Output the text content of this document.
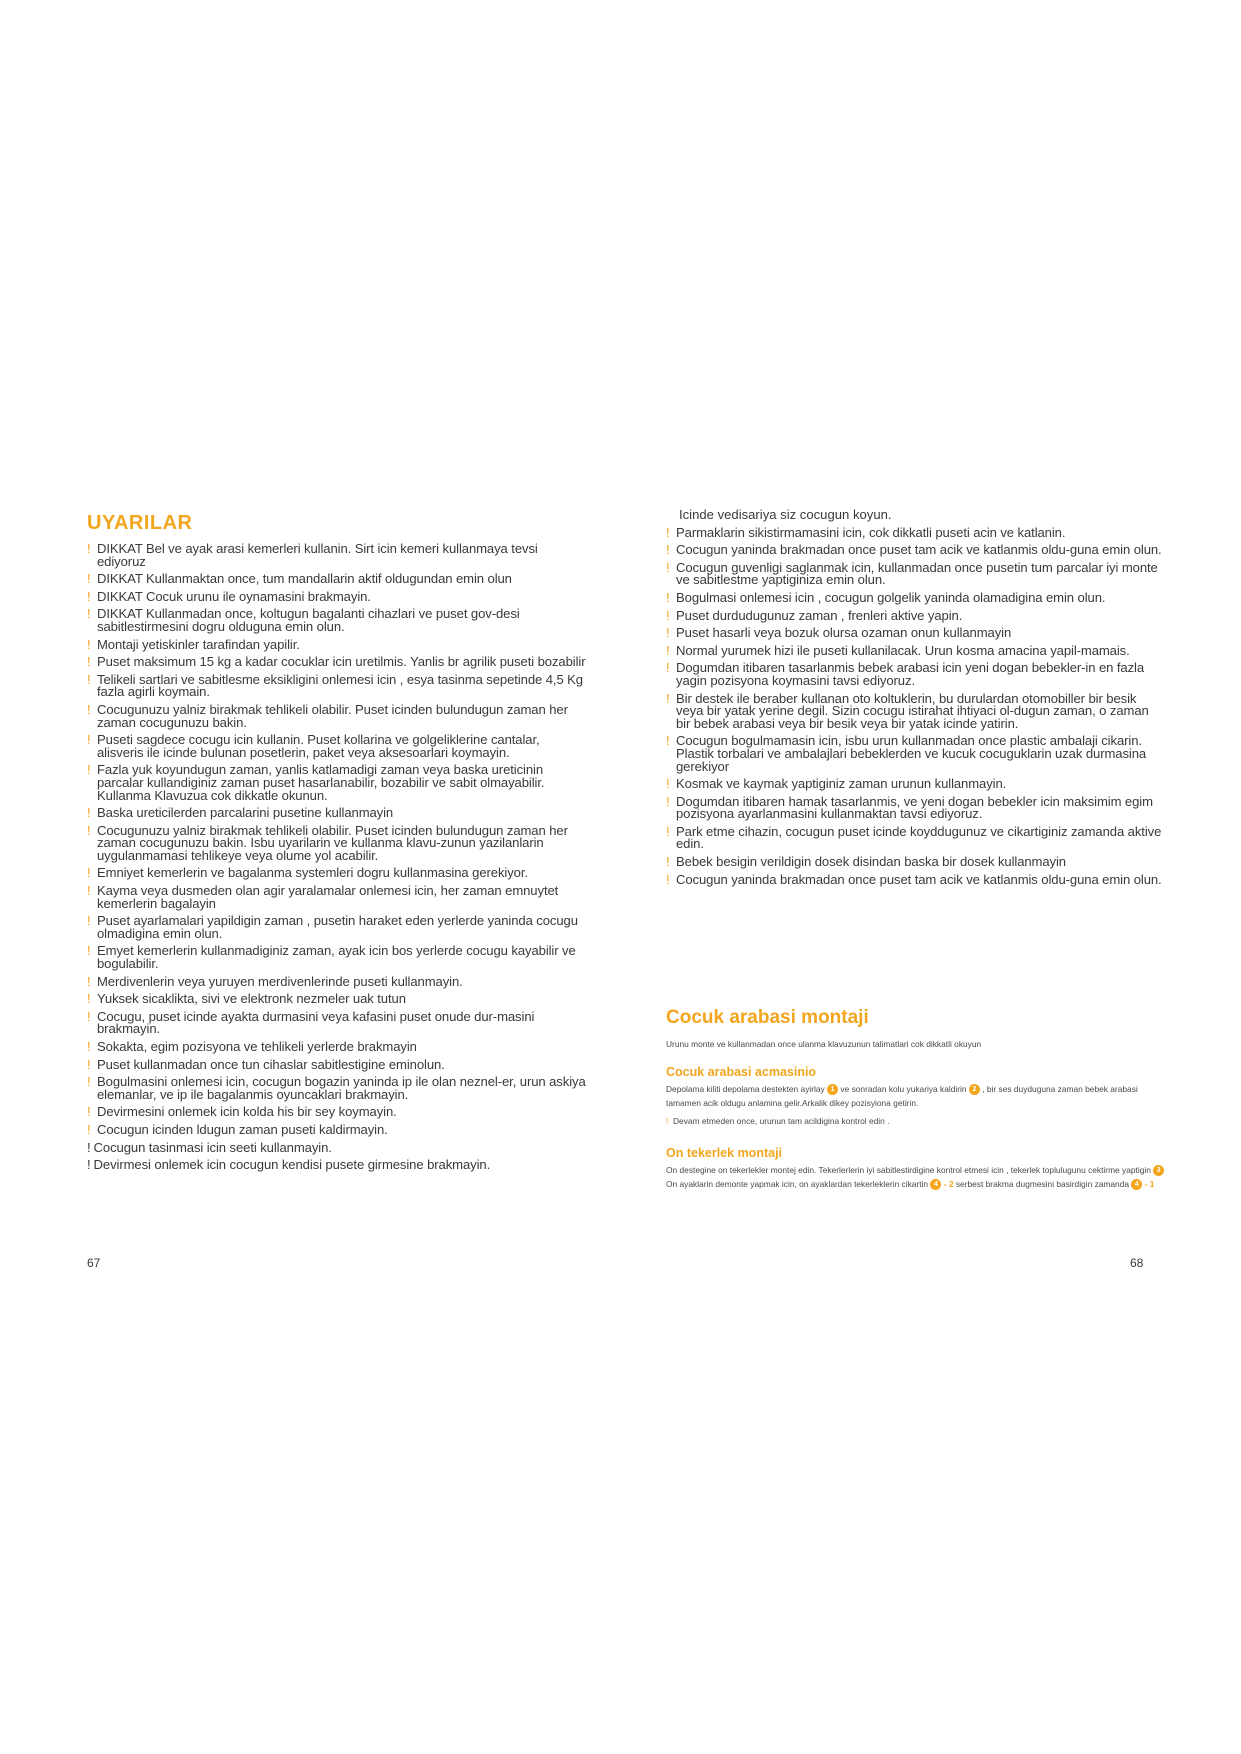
UYARILAR
! DIKKAT Bel ve ayak arasi kemerleri kullanin. Sirt icin kemeri kullanmaya tevsi ediyoruz
! DIKKAT Kullanmaktan once, tum mandallarin aktif oldugundan emin olun
! DIKKAT Cocuk urunu ile oynamasini brakmayin.
! DIKKAT Kullanmadan once, koltugun bagalanti cihazlari ve puset gov-desi sabitlestirmesini dogru olduguna emin olun.
! Montaji yetiskinler tarafindan yapilir.
! Puset maksimum 15 kg a kadar cocuklar icin uretilmis. Yanlis br agrilik puseti bozabilir
! Telikeli sartlari ve sabitlesme eksikligini onlemesi icin , esya tasinma sepetinde 4,5 Kg fazla agirli koymain.
! Cocugunuzu yalniz birakmak tehlikeli olabilir. Puset icinden bulundugun zaman her zaman cocugunuzu bakin.
! Puseti sagdece cocugu icin kullanin. Puset kollarina ve golgeliklerine cantalar, alisveris ile icinde bulunan posetlerin, paket veya aksesoarlari koymayin.
! Fazla yuk koyundugun zaman, yanlis katlamadigi zaman veya baska ureticinin parcalar kullandiginiz zaman puset hasarlanabilir, bozabilir ve sabit olmayabilir. Kullanma Klavuzua cok dikkatle okunun.
! Baska ureticilerden parcalarini pusetine kullanmayin
! Cocugunuzu yalniz birakmak tehlikeli olabilir. Puset icinden bulundugun zaman her zaman cocugunuzu bakin. Isbu uyarilarin ve kullanma klavu-zunun yazilanlarin uygulanmamasi tehlikeye veya olume yol acabilir.
! Emniyet kemerlerin ve bagalanma systemleri dogru kullanmasina gerekiyor.
! Kayma veya dusmeden olan agir yaralamalar onlemesi icin, her zaman emnuytet kemerlerin bagalayin
! Puset ayarlamalari yapildigin zaman , pusetin haraket eden yerlerde yaninda cocugu olmadigina emin olun.
! Emyet kemerlerin kullanmadiginiz zaman, ayak icin bos yerlerde cocugu kayabilir ve bogulabilir.
! Merdivenlerin veya yuruyen merdivenlerinde puseti kullanmayin.
! Yuksek sicaklikta, sivi ve elektronk nezmeler uak tutun
! Cocugu, puset icinde ayakta durmasini veya kafasini puset onude dur-masini brakmayin.
! Sokakta, egim pozisyona ve tehlikeli yerlerde brakmayin
! Puset kullanmadan once tun cihaslar sabitlestigine eminolun.
! Bogulmasini onlemesi icin, cocugun bogazin yaninda ip ile olan neznel-er, urun askiya elemanlar, ve ip ile bagalanmis oyuncaklari brakmayin.
! Devirmesini onlemek icin kolda his bir sey koymayin.
! Cocugun icinden ldugun zaman puseti kaldirmayin.
! Cocugun tasinmasi icin seeti kullanmayin.
! Devirmesi onlemek icin cocugun kendisi pusete girmesine brakmayin.
Icinde vedisariya siz cocugun koyun.
! Parmaklarin sikistirmamasini icin, cok dikkatli puseti acin ve katlanin.
! Cocugun yaninda brakmadan once puset tam acik ve katlanmis oldu-guna emin olun.
! Cocugun guvenligi saglanmak icin, kullanmadan once pusetin tum parcalar iyi monte ve sabitlestme yaptiginiza emin olun.
! Bogulmasi onlemesi icin , cocugun golgelik yaninda olamadigina emin olun.
! Puset durdudugunuz zaman , frenleri aktive yapin.
! Puset hasarli veya bozuk olursa ozaman onun kullanmayin
! Normal yurumek hizi ile puseti kullanilacak. Urun kosma amacina yapil-mamais.
! Dogumdan itibaren tasarlanmis bebek arabasi icin yeni dogan bebekler-in en fazla yagin pozisyona koymasini tavsi ediyoruz.
! Bir destek ile beraber kullanan oto koltuklerin, bu durulardan otomobiller bir besik veya bir yatak yerine degil. Sizin cocugu istirahat ihtiyaci ol-dugun zaman, o zaman bir bebek arabasi veya bir besik veya bir yatak icinde yatirin.
! Cocugun bogulmamasin icin, isbu urun kullanmadan once plastic ambalaji cikarin. Plastik torbalari ve ambalajlari bebeklerden ve kucuk cocuguklarin uzak durmasina gerekiyor
! Kosmak ve kaymak yaptiginiz zaman urunun kullanmayin.
! Dogumdan itibaren hamak tasarlanmis, ve yeni dogan bebekler icin maksimim egim pozisyona ayarlanmasini kullanmaktan tavsi ediyoruz.
! Park etme cihazin, cocugun puset icinde koyddugunuz ve cikartiginiz zamanda aktive edin.
! Bebek besigin verildigin dosek disindan baska bir dosek kullanmayin
! Cocugun yaninda brakmadan once puset tam acik ve katlanmis oldu-guna emin olun.
Cocuk arabasi montaji
Urunu monte ve kullanmadan once ulanma klavuzunun talimatlari cok dikkatli okuyun
Cocuk arabasi acmasinio
Depolama kiliti depolama destekten ayirlay 1 ve sonradan kolu yukariya kaldirin 2 , bir ses duyduguna zaman bebek arabasi tamamen acik oldugu anlamina gelir.Arkalik dikey pozisyiona getirin.
!  Devam etmeden once, urunun tam acildigina kontrol edin .
On tekerlek montaji
On destegine on tekerlekler montej edin. Tekerlerlerin iyi sabitlestirdigine kontrol etmesi icin , tekerlek toplulugunu cektirme yaptigin 3 On ayaklarin demonte yapmak icin, on ayaklardan tekerleklerin cikartin 4 - 2 serbest brakma dugmesini basirdigin zamanda 4 - 1
67	68
